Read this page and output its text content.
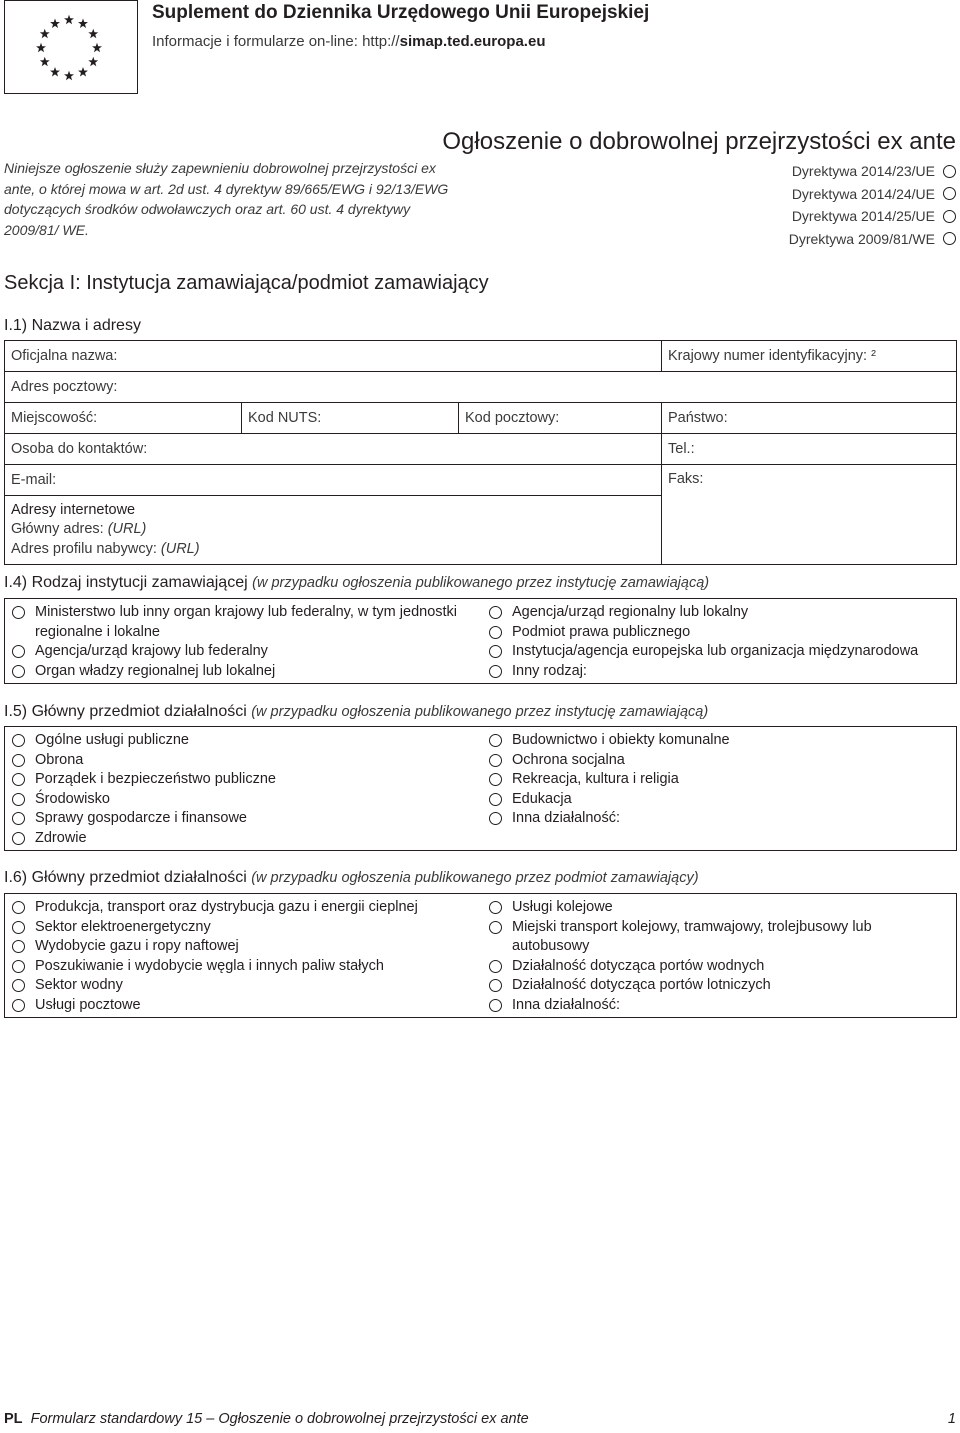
Suplement do Dziennika Urzędowego Unii Europejskiej
Informacje i formularze on-line: http://simap.ted.europa.eu
Ogłoszenie o dobrowolnej przejrzystości ex ante
Niniejsze ogłoszenie służy zapewnieniu dobrowolnej przejrzystości ex ante, o której mowa w art. 2d ust. 4 dyrektyw 89/665/EWG i 92/13/EWG dotyczących środków odwoławczych oraz art. 60 ust. 4 dyrektywy 2009/81/ WE.
Dyrektywa 2014/23/UE
Dyrektywa 2014/24/UE
Dyrektywa 2014/25/UE
Dyrektywa 2009/81/WE
Sekcja I: Instytucja zamawiająca/podmiot zamawiający
I.1) Nazwa i adresy
Oficjalna nazwa:			Krajowy numer identyfikacyjny: ²
Adres pocztowy:			
Miejscowość:	Kod NUTS:	Kod pocztowy:	Państwo:
Osoba do kontaktów:			Tel.:
E-mail:			Faks:

Adresy internetowe
Główny adres: (URL)
Adres profilu nabywcy: (URL)			
I.4) Rodzaj instytucji zamawiającej (w przypadku ogłoszenia publikowanego przez instytucję zamawiającą)
Ministerstwo lub inny organ krajowy lub federalny, w tym jednostki regionalne i lokalne
Agencja/urząd krajowy lub federalny
Organ władzy regionalnej lub lokalnej
Agencja/urząd regionalny lub lokalny
Podmiot prawa publicznego
Instytucja/agencja europejska lub organizacja międzynarodowa
Inny rodzaj:
I.5) Główny przedmiot działalności (w przypadku ogłoszenia publikowanego przez instytucję zamawiającą)
Ogólne usługi publiczne
Obrona
Porządek i bezpieczeństwo publiczne
Środowisko
Sprawy gospodarcze i finansowe
Zdrowie
Budownictwo i obiekty komunalne
Ochrona socjalna
Rekreacja, kultura i religia
Edukacja
Inna działalność:
I.6) Główny przedmiot działalności (w przypadku ogłoszenia publikowanego przez podmiot zamawiający)
Produkcja, transport oraz dystrybucja gazu i energii cieplnej
Sektor elektroenergetyczny
Wydobycie gazu i ropy naftowej
Poszukiwanie i wydobycie węgla i innych paliw stałych
Sektor wodny
Usługi pocztowe
Usługi kolejowe
Miejski transport kolejowy, tramwajowy, trolejbusowy lub autobusowy
Działalność dotycząca portów wodnych
Działalność dotycząca portów lotniczych
Inna działalność:
PL Formularz standardowy 15 – Ogłoszenie o dobrowolnej przejrzystości ex ante	1
